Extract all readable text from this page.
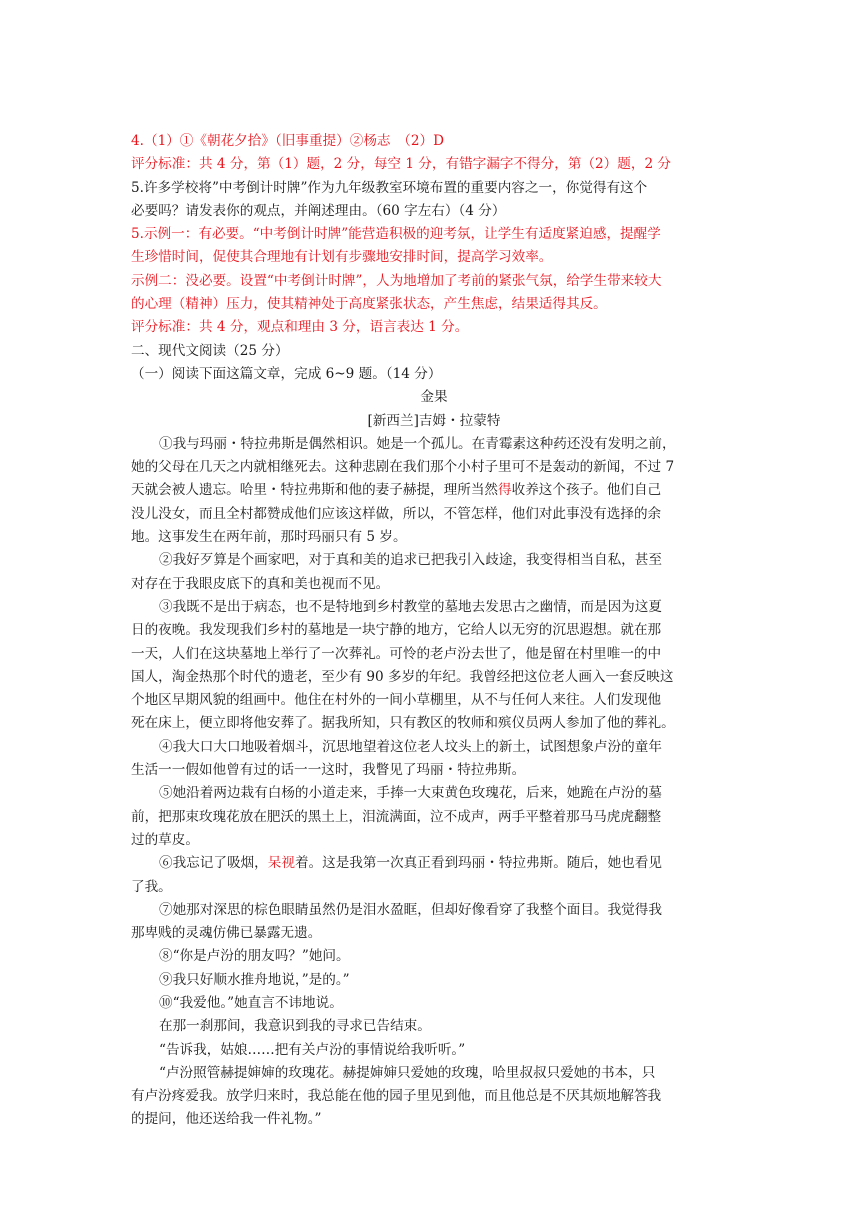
4.（1）①《朝花夕拾》（旧事重提）②杨志　（2）D
评分标准：共 4 分，第（1）题，2 分，每空 1 分，有错字漏字不得分，第（2）题，2 分
5.许多学校将”中考倒计时牌”作为九年级教室环境布置的重要内容之一，你觉得有这个
必要吗？请发表你的观点，并阐述理由。（60 字左右）（4 分）
5.示例一：有必要。“中考倒计时牌”能营造积极的迎考氛，让学生有适度紧迫感，提醒学
生珍惜时间，促使其合理地有计划有步骤地安排时间，提高学习效率。
示例二：没必要。设置“中考倒计时牌”，人为地增加了考前的紧张气氛，给学生带来较大
的心理（精神）压力，使其精神处于高度紧张状态，产生焦虑，结果适得其反。
评分标准：共 4 分，观点和理由 3 分，语言表达 1 分。
二、现代文阅读（25 分）
（一）阅读下面这篇文章，完成 6~9 题。（14 分）
金果
[新西兰]吉姆・拉蒙特
①我与玛丽・特拉弗斯是偶然相识。她是一个孤儿。在青霉素这种药还没有发明之前，
她的父母在几天之内就相继死去。这种悲剧在我们那个小村子里可不是轰动的新闻，不过 7
天就会被人遗忘。哈里・特拉弗斯和他的妻子赫提，理所当然得收养这个孩子。他们自己
没儿没女，而且全村都赞成他们应该这样做，所以，不管怎样，他们对此事没有选择的余
地。这事发生在两年前，那时玛丽只有 5 岁。
②我好歹算是个画家吧，对于真和美的追求已把我引入歧途，我变得相当自私，甚至
对存在于我眼皮底下的真和美也视而不见。
③我既不是出于病态，也不是特地到乡村教堂的墓地去发思古之幽情，而是因为这夏
日的夜晚。我发现我们乡村的墓地是一块宁静的地方，它给人以无穷的沉思遐想。就在那
一天，人们在这块墓地上举行了一次葬礼。可怜的老卢汾去世了，他是留在村里唯一的中
国人，淘金热那个时代的遗老，至少有 90 多岁的年纪。我曾经把这位老人画入一套反映这
个地区早期风貌的组画中。他住在村外的一间小草棚里，从不与任何人来往。人们发现他
死在床上，便立即将他安葬了。据我所知，只有教区的牧师和殡仪员两人参加了他的葬礼。
④我大口大口地吸着烟斗，沉思地望着这位老人坟头上的新土，试图想象卢汾的童年
生活一一假如他曾有过的话一一这时，我瞥见了玛丽・特拉弗斯。
⑤她沿着两边栽有白杨的小道走来，手捧一大束黄色玫瑰花，后来，她跪在卢汾的墓
前，把那束玫瑰花放在肥沃的黑土上，泪流满面，泣不成声，两手平整着那马马虎虎翻整
过的草皮。
⑥我忘记了吸烟，呆视着。这是我第一次真正看到玛丽・特拉弗斯。随后，她也看见
了我。
⑦她那对深思的棕色眼睛虽然仍是泪水盈眶，但却好像看穿了我整个面目。我觉得我
那卑贱的灵魂仿佛已暴露无遗。
⑧“你是卢汾的朋友吗？”她问。
⑨我只好顺水推舟地说，”是的。”
⑩“我爱他。”她直言不讳地说。
在那一刹那间，我意识到我的寻求已告结束。
“告诉我，姑娘……把有关卢汾的事情说给我听听。”
“卢汾照管赫提婶婶的玫瑰花。赫提婶婶只爱她的玫瑰，哈里叔叔只爱她的书本，只
有卢汾疼爱我。放学归来时，我总能在他的园子里见到他，而且他总是不厌其烦地解答我
的提问，他还送给我一件礼物。”
